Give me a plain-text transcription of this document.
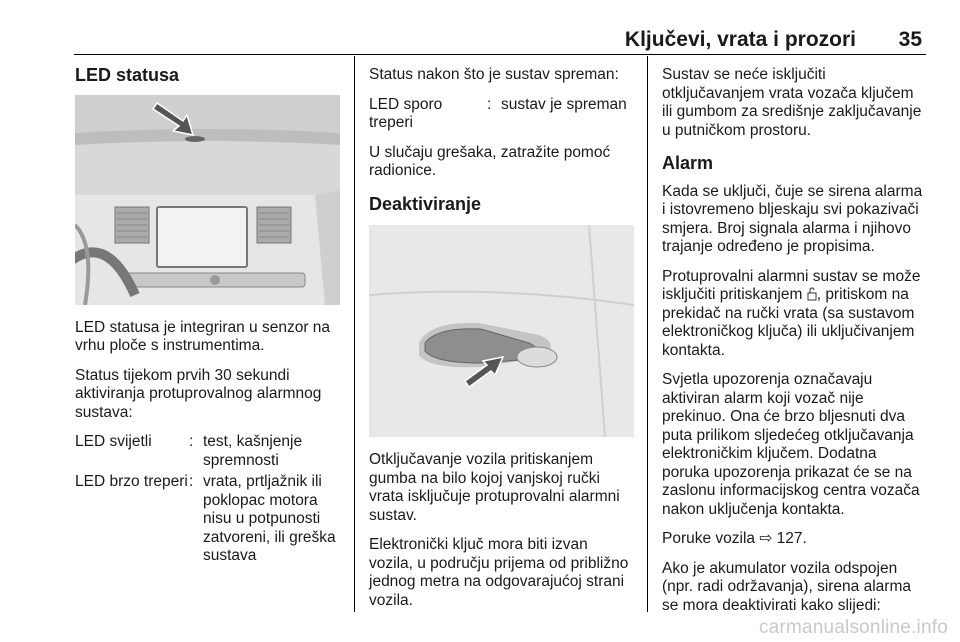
Ključevi, vrata i prozori	35
LED statusa

LED statusa je integriran u senzor na vrhu ploče s instrumentima.

Status tijekom prvih 30 sekundi aktiviranja protuprovalnog alarmnog sustava:

LED svijetli	: test, kašnjenje spremnosti
LED brzo treperi : vrata, prtljažnik ili poklopac motora nisu u potpunosti zatvoreni, ili greška sustava

Status nakon što je sustav spreman:

LED sporo treperi
: sustav je spreman

U slučaju grešaka, zatražite pomoć radionice.

Deaktiviranje

Otključavanje vozila pritiskanjem gumba na bilo kojoj vanjskoj ručki vrata isključuje protuprovalni alarmni sustav.

Elektronički ključ mora biti izvan vozila, u području prijema od približno jednog metra na odgovarajućoj strani vozila.

Sustav se neće isključiti otključavanjem vrata vozača ključem ili gumbom za središnje zaključavanje u putničkom prostoru.

Alarm

Kada se uključi, čuje se sirena alarma i istovremeno bljeskaju svi pokazivači smjera. Broj signala alarma i njihovo trajanje određeno je propisima.

Protuprovalni alarmni sustav se može isključiti pritiskanjem , pritiskom na prekidač na ručki vrata (sa sustavom elektroničkog ključa) ili uključivanjem kontakta.

Svjetla upozorenja označavaju aktiviran alarm koji vozač nije prekinuo. Ona će brzo bljesnuti dva puta prilikom sljedećeg otključavanja elektroničkim ključem. Dodatna poruka upozorenja prikazat će se na zaslonu informacijskog centra vozača nakon uključenja kontakta.

Poruke vozila ⇨ 127.

Ako je akumulator vozila odspojen (npr. radi održavanja), sirena alarma se mora deaktivirati kako slijedi:

carmanualsonline.info
